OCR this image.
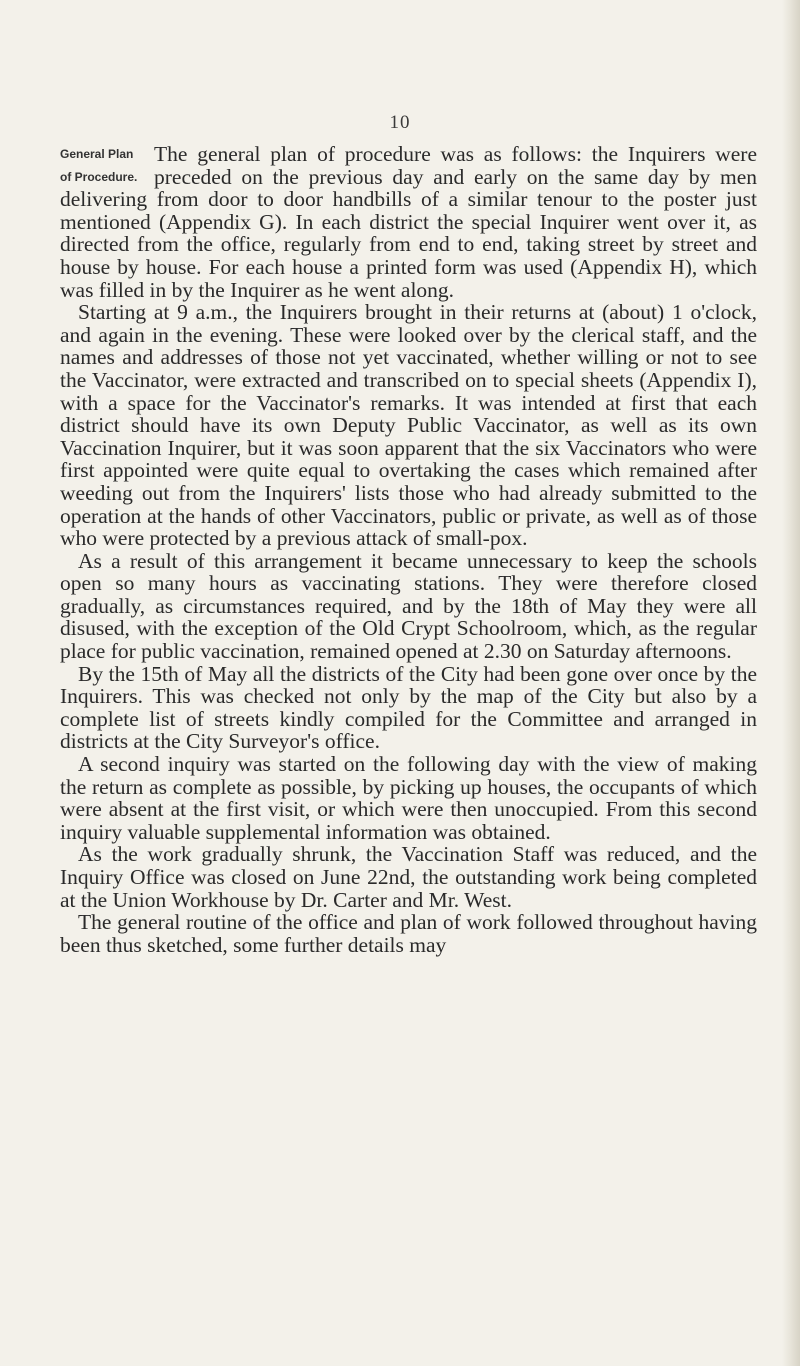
10
General Plan
of Procedure.

The general plan of procedure was as follows: the Inquirers were preceded on the previous day and early on the same day by men delivering from door to door handbills of a similar tenour to the poster just mentioned (Appendix G). In each district the special Inquirer went over it, as directed from the office, regularly from end to end, taking street by street and house by house. For each house a printed form was used (Appendix H), which was filled in by the Inquirer as he went along.

Starting at 9 a.m., the Inquirers brought in their returns at (about) 1 o'clock, and again in the evening. These were looked over by the clerical staff, and the names and addresses of those not yet vaccinated, whether willing or not to see the Vaccinator, were extracted and transcribed on to special sheets (Appendix I), with a space for the Vaccinator's remarks. It was intended at first that each district should have its own Deputy Public Vaccinator, as well as its own Vaccination Inquirer, but it was soon apparent that the six Vaccinators who were first appointed were quite equal to overtaking the cases which remained after weeding out from the Inquirers' lists those who had already submitted to the operation at the hands of other Vaccinators, public or private, as well as of those who were protected by a previous attack of small-pox.

As a result of this arrangement it became unnecessary to keep the schools open so many hours as vaccinating stations. They were therefore closed gradually, as circumstances required, and by the 18th of May they were all disused, with the exception of the Old Crypt Schoolroom, which, as the regular place for public vaccination, remained opened at 2.30 on Saturday afternoons.

By the 15th of May all the districts of the City had been gone over once by the Inquirers. This was checked not only by the map of the City but also by a complete list of streets kindly compiled for the Committee and arranged in districts at the City Surveyor's office.

A second inquiry was started on the following day with the view of making the return as complete as possible, by picking up houses, the occupants of which were absent at the first visit, or which were then unoccupied. From this second inquiry valuable supplemental information was obtained.

As the work gradually shrunk, the Vaccination Staff was reduced, and the Inquiry Office was closed on June 22nd, the outstanding work being completed at the Union Workhouse by Dr. Carter and Mr. West.

The general routine of the office and plan of work followed throughout having been thus sketched, some further details may
